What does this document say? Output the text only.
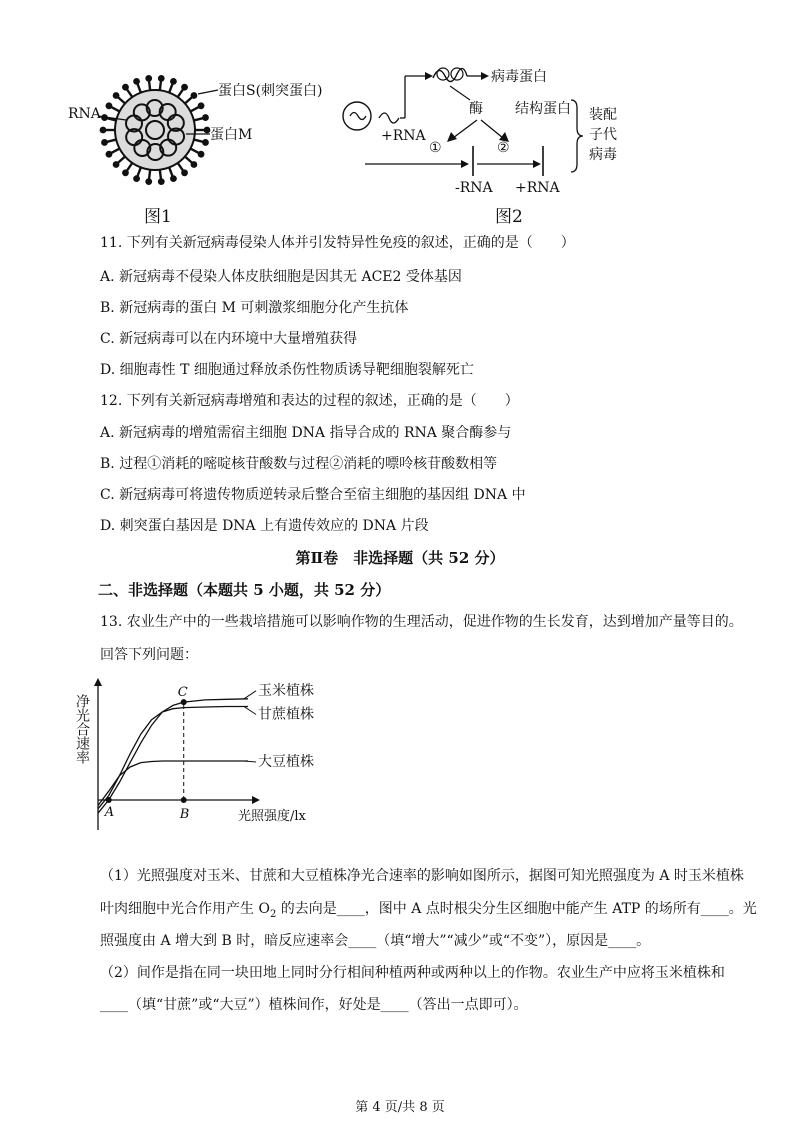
RNA
蛋白S(刺突蛋白)
蛋白M
图1
病毒蛋白
酶 结构蛋白 装配
子代
病毒
+RNA
①	②
-RNA +RNA
图2
11. 下列有关新冠病毒侵染人体并引发特异性免疫的叙述，正确的是（　　）
A. 新冠病毒不侵染人体皮肤细胞是因其无 ACE2 受体基因
B. 新冠病毒的蛋白 M 可刺激浆细胞分化产生抗体
C. 新冠病毒可以在内环境中大量增殖获得
D. 细胞毒性 T 细胞通过释放杀伤性物质诱导靶细胞裂解死亡
12. 下列有关新冠病毒增殖和表达的过程的叙述，正确的是（　　）
A. 新冠病毒的增殖需宿主细胞 DNA 指导合成的 RNA 聚合酶参与
B. 过程①消耗的嘧啶核苷酸数与过程②消耗的嘌呤核苷酸数相等
C. 新冠病毒可将遗传物质逆转录后整合至宿主细胞的基因组 DNA 中
D. 刺突蛋白基因是 DNA 上有遗传效应的 DNA 片段
第Ⅱ卷　非选择题（共 52 分）
二、非选择题（本题共 5 小题，共 52 分）
13. 农业生产中的一些栽培措施可以影响作物的生理活动，促进作物的生长发育，达到增加产量等目的。
回答下列问题：
净光合速率
光照强度/lx
玉米植株
甘蔗植株
大豆植株
A	B
C
（1）光照强度对玉米、甘蔗和大豆植株净光合速率的影响如图所示，据图可知光照强度为 A 时玉米植株
叶肉细胞中光合作用产生 $O_2$ 的去向是____，图中 A 点时根尖分生区细胞中能产生 ATP 的场所有____。光
照强度由 A 增大到 B 时，暗反应速率会____（填“增大”“减少”或“不变”），原因是____。
（2）间作是指在同一块田地上同时分行相间种植两种或两种以上的作物。农业生产中应将玉米植株和
____（填“甘蔗”或“大豆”）植株间作，好处是____（答出一点即可）。
第 4 页/共 8 页
